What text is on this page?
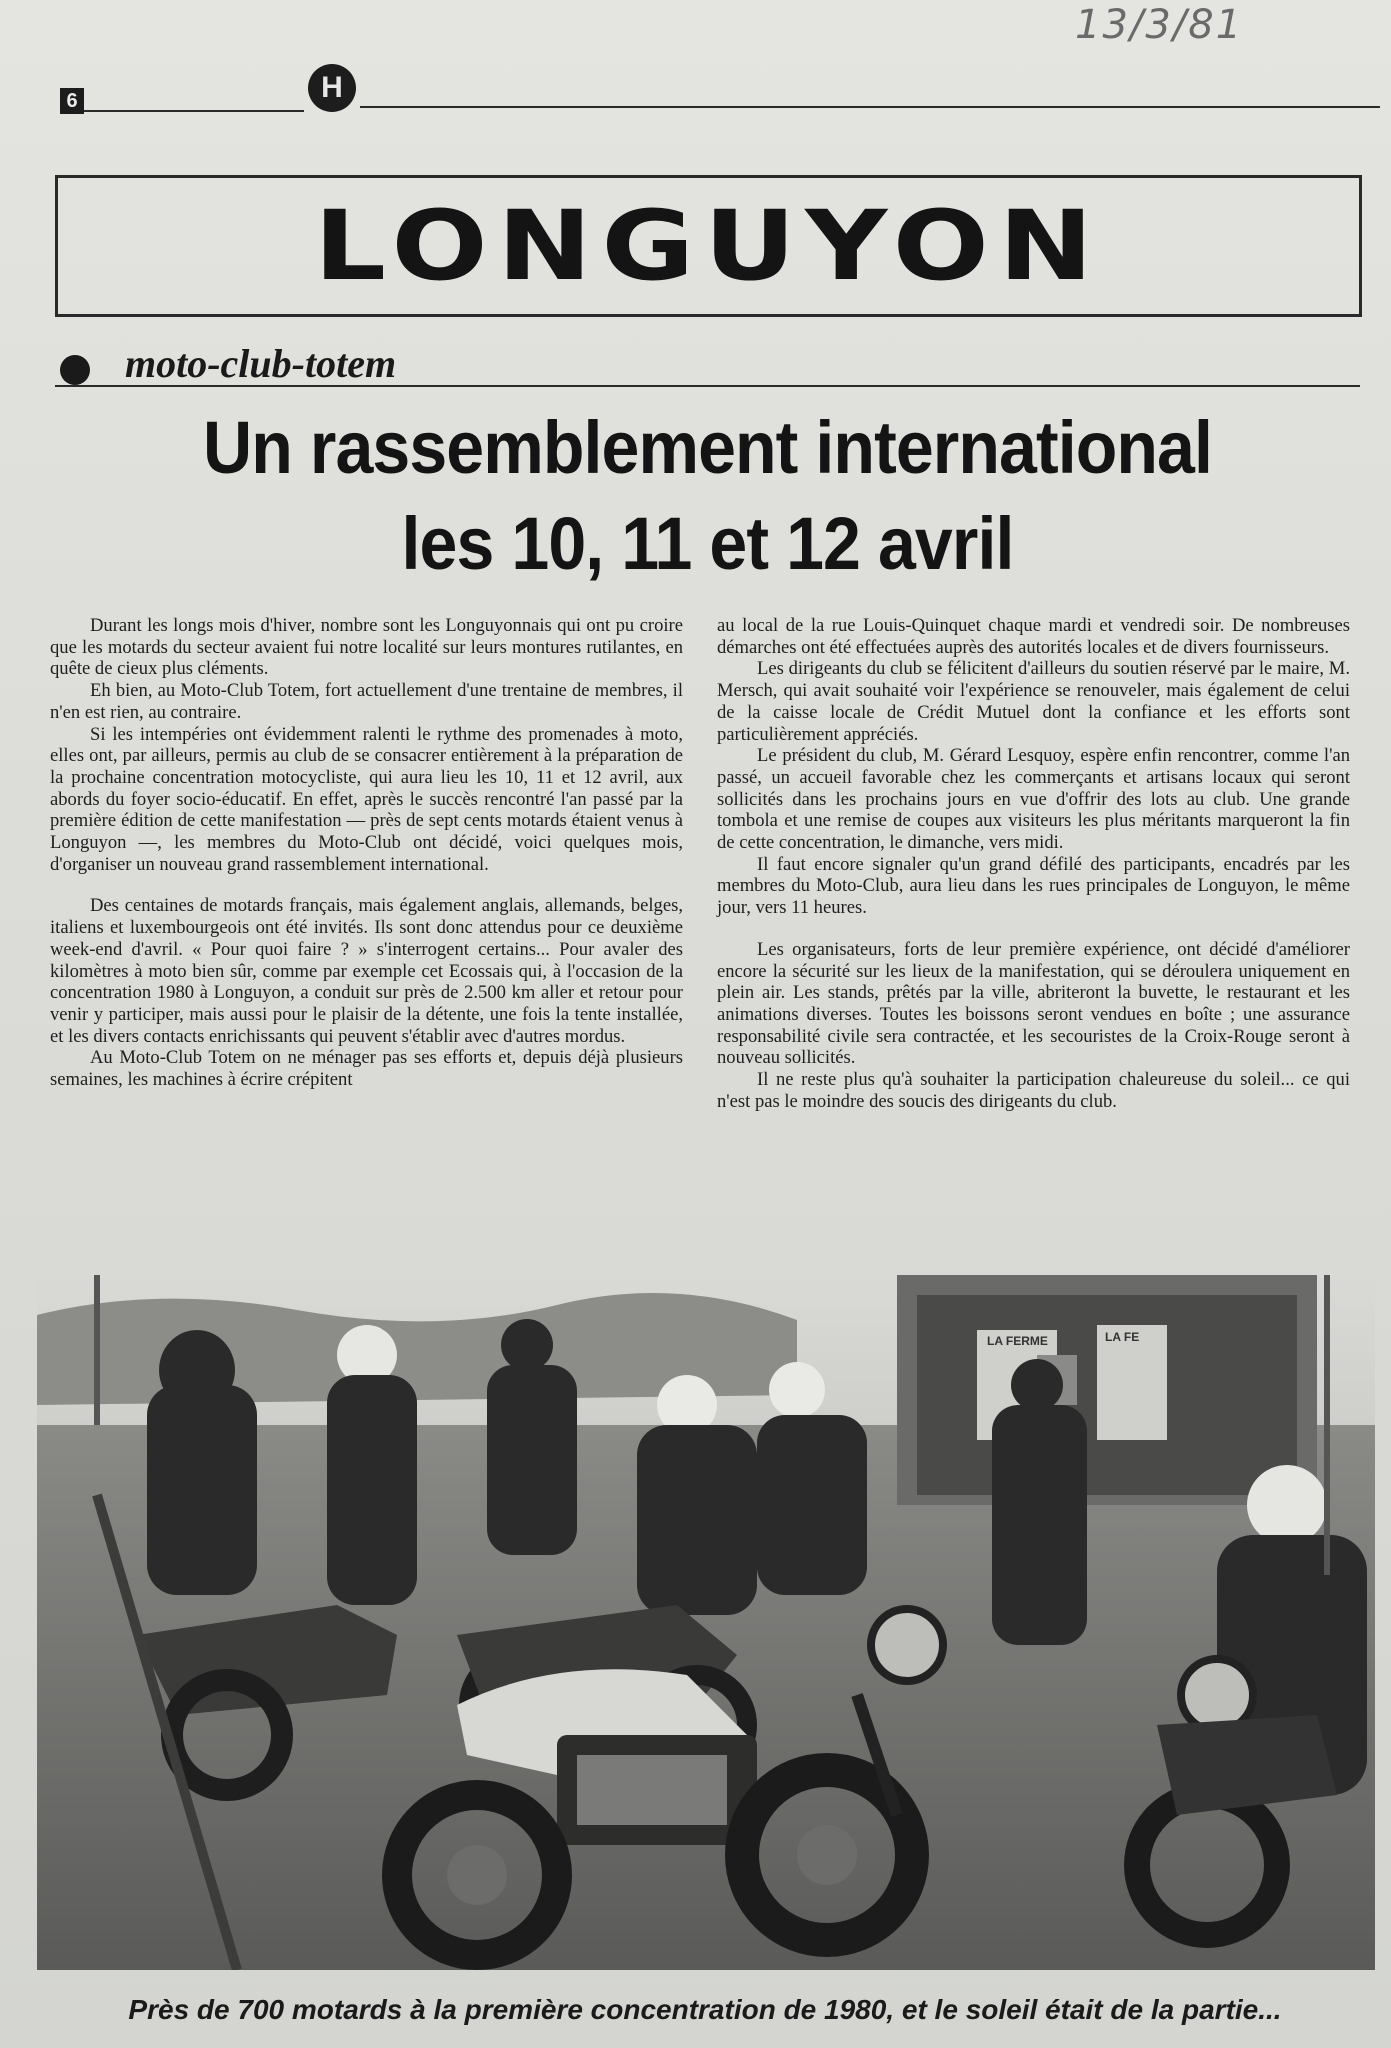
13/3/81
6	H
LONGUYON
moto-club-totem
Un rassemblement international
les 10, 11 et 12 avril

Durant les longs mois d'hiver, nombre sont les Longuyonnais qui ont pu croire que les motards du secteur avaient fui notre localité sur leurs montures rutilantes, en quête de cieux plus cléments.

Eh bien, au Moto-Club Totem, fort actuellement d'une trentaine de membres, il n'en est rien, au contraire.

Si les intempéries ont évidemment ralenti le rythme des promenades à moto, elles ont, par ailleurs, permis au club de se consacrer entièrement à la préparation de la prochaine concentration motocycliste, qui aura lieu les 10, 11 et 12 avril, aux abords du foyer socio-éducatif. En effet, après le succès rencontré l'an passé par la première édition de cette manifestation — près de sept cents motards étaient venus à Longuyon —, les membres du Moto-Club ont décidé, voici quelques mois, d'organiser un nouveau grand rassemblement international.

Des centaines de motards français, mais également anglais, allemands, belges, italiens et luxembourgeois ont été invités. Ils sont donc attendus pour ce deuxième week-end d'avril. « Pour quoi faire ? » s'interrogent certains... Pour avaler des kilomètres à moto bien sûr, comme par exemple cet Ecossais qui, à l'occasion de la concentration 1980 à Longuyon, a conduit sur près de 2.500 km aller et retour pour venir y participer, mais aussi pour le plaisir de la détente, une fois la tente installée, et les divers contacts enrichissants qui peuvent s'établir avec d'autres mordus.

Au Moto-Club Totem on ne ménager pas ses efforts et, depuis déjà plusieurs semaines, les machines à écrire crépitent

au local de la rue Louis-Quinquet chaque mardi et vendredi soir. De nombreuses démarches ont été effectuées auprès des autorités locales et de divers fournisseurs.

Les dirigeants du club se félicitent d'ailleurs du soutien réservé par le maire, M. Mersch, qui avait souhaité voir l'expérience se renouveler, mais également de celui de la caisse locale de Crédit Mutuel dont la confiance et les efforts sont particulièrement appréciés.

Le président du club, M. Gérard Lesquoy, espère enfin rencontrer, comme l'an passé, un accueil favorable chez les commerçants et artisans locaux qui seront sollicités dans les prochains jours en vue d'offrir des lots au club. Une grande tombola et une remise de coupes aux visiteurs les plus méritants marqueront la fin de cette concentration, le dimanche, vers midi.

Il faut encore signaler qu'un grand défilé des participants, encadrés par les membres du Moto-Club, aura lieu dans les rues principales de Longuyon, le même jour, vers 11 heures.

Les organisateurs, forts de leur première expérience, ont décidé d'améliorer encore la sécurité sur les lieux de la manifestation, qui se déroulera uniquement en plein air. Les stands, prêtés par la ville, abriteront la buvette, le restaurant et les animations diverses. Toutes les boissons seront vendues en boîte ; une assurance responsabilité civile sera contractée, et les secouristes de la Croix-Rouge seront à nouveau sollicités.

Il ne reste plus qu'à souhaiter la participation chaleureuse du soleil... ce qui n'est pas le moindre des soucis des dirigeants du club.

LA FERME	LA FE
Près de 700 motards à la première concentration de 1980, et le soleil était de la partie...
